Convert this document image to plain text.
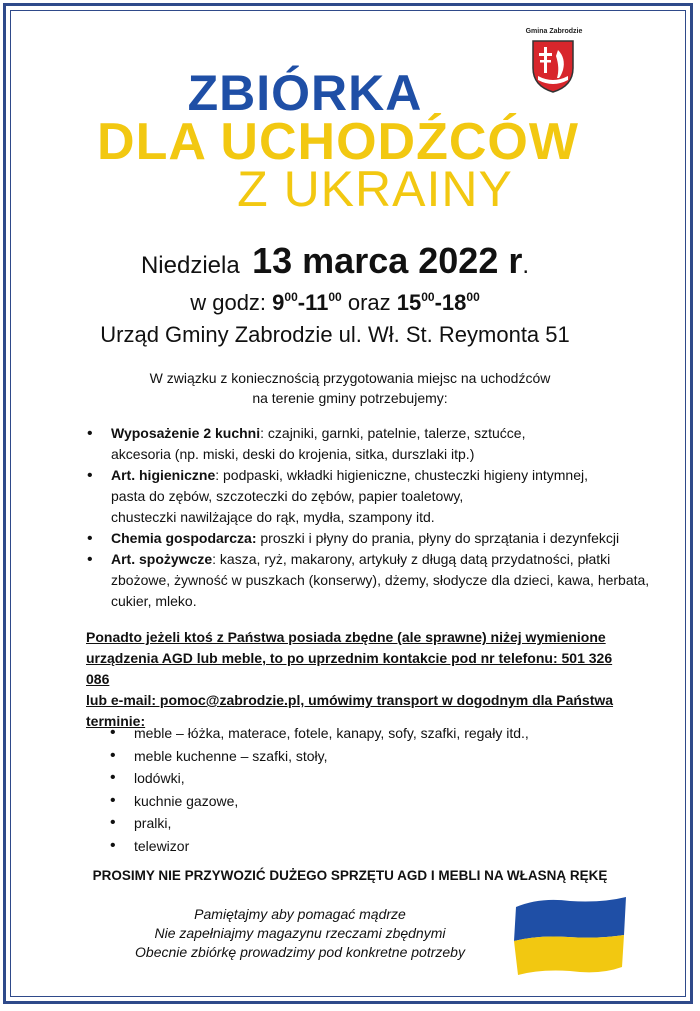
Gmina Zabrodzie
ZBIÓRKA
DLA UCHODŹCÓW
Z UKRAINY
Niedziela 13 marca 2022 r.
w godz: $9^{00}-11^{00}$ oraz $15^{00}-18^{00}$
Urząd Gminy Zabrodzie ul. Wł. St. Reymonta 51
W związku z koniecznością przygotowania miejsc na uchodźców
na terenie gminy potrzebujemy:
• Wyposażenie 2 kuchni: czajniki, garnki, patelnie, talerze, sztućce,
akcesoria (np. miski, deski do krojenia, sitka, durszlaki itp.)
• Art. higieniczne: podpaski, wkładki higieniczne, chusteczki higieny intymnej,
pasta do zębów, szczoteczki do zębów, papier toaletowy,
chusteczki nawilżające do rąk, mydła, szampony itd.
• Chemia gospodarcza: proszki i płyny do prania, płyny do sprzątania i dezynfekcji
• Art. spożywcze: kasza, ryż, makarony, artykuły z długą datą przydatności, płatki
zbożowe, żywność w puszkach (konserwy), dżemy, słodycze dla dzieci, kawa, herbata,
cukier, mleko.
Ponadto jeżeli ktoś z Państwa posiada zbędne (ale sprawne) niżej wymienione
urządzenia AGD lub meble, to po uprzednim kontakcie pod nr telefonu: 501 326 086
lub e-mail: pomoc@zabrodzie.pl, umówimy transport w dogodnym dla Państwa
terminie:
• meble – łóżka, materace, fotele, kanapy, sofy, szafki, regały itd.,
• meble kuchenne – szafki, stoły,
• lodówki,
• kuchnie gazowe,
• pralki,
• telewizor
PROSIMY NIE PRZYWOZIĆ DUŻEGO SPRZĘTU AGD I MEBLI NA WŁASNĄ RĘKĘ
Pamiętajmy aby pomagać mądrze
Nie zapełniajmy magazynu rzeczami zbędnymi
Obecnie zbiórkę prowadzimy pod konkretne potrzeby
